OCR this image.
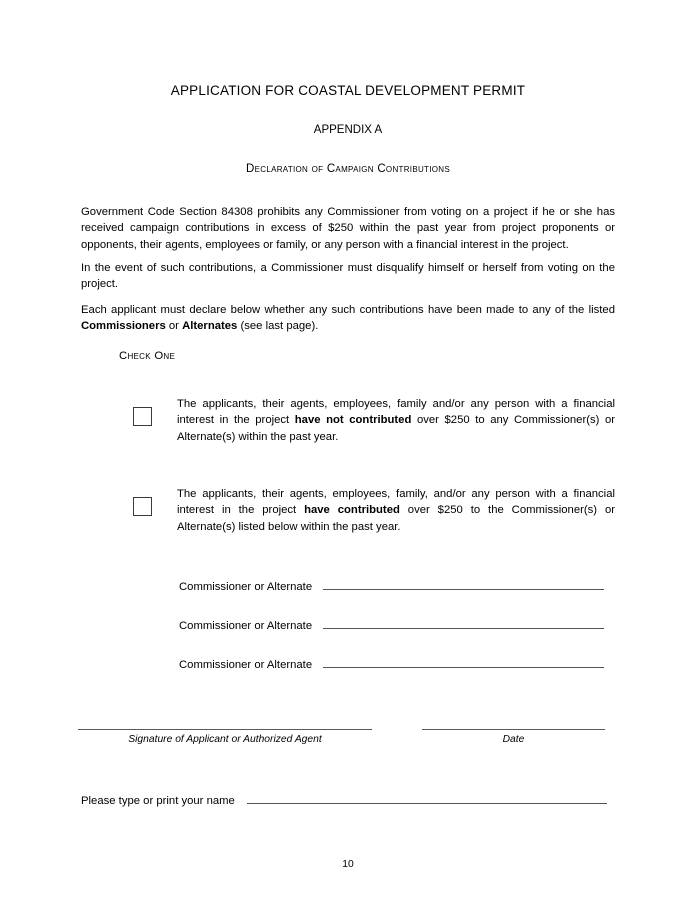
APPLICATION FOR COASTAL DEVELOPMENT PERMIT
APPENDIX A
Declaration of Campaign Contributions

Government Code Section 84308 prohibits any Commissioner from voting on a project if he or she has received campaign contributions in excess of $250 within the past year from project proponents or opponents, their agents, employees or family, or any person with a financial interest in the project.

In the event of such contributions, a Commissioner must disqualify himself or herself from voting on the project.

Each applicant must declare below whether any such contributions have been made to any of the listed Commissioners or Alternates (see last page).

Check One
The applicants, their agents, employees, family and/or any person with a financial interest in the project have not contributed over $250 to any Commissioner(s) or Alternate(s) within the past year.
The applicants, their agents, employees, family, and/or any person with a financial interest in the project have contributed over $250 to the Commissioner(s) or Alternate(s) listed below within the past year.
Commissioner or Alternate
Commissioner or Alternate
Commissioner or Alternate
Signature of Applicant or Authorized Agent	Date
Please type or print your name
10
